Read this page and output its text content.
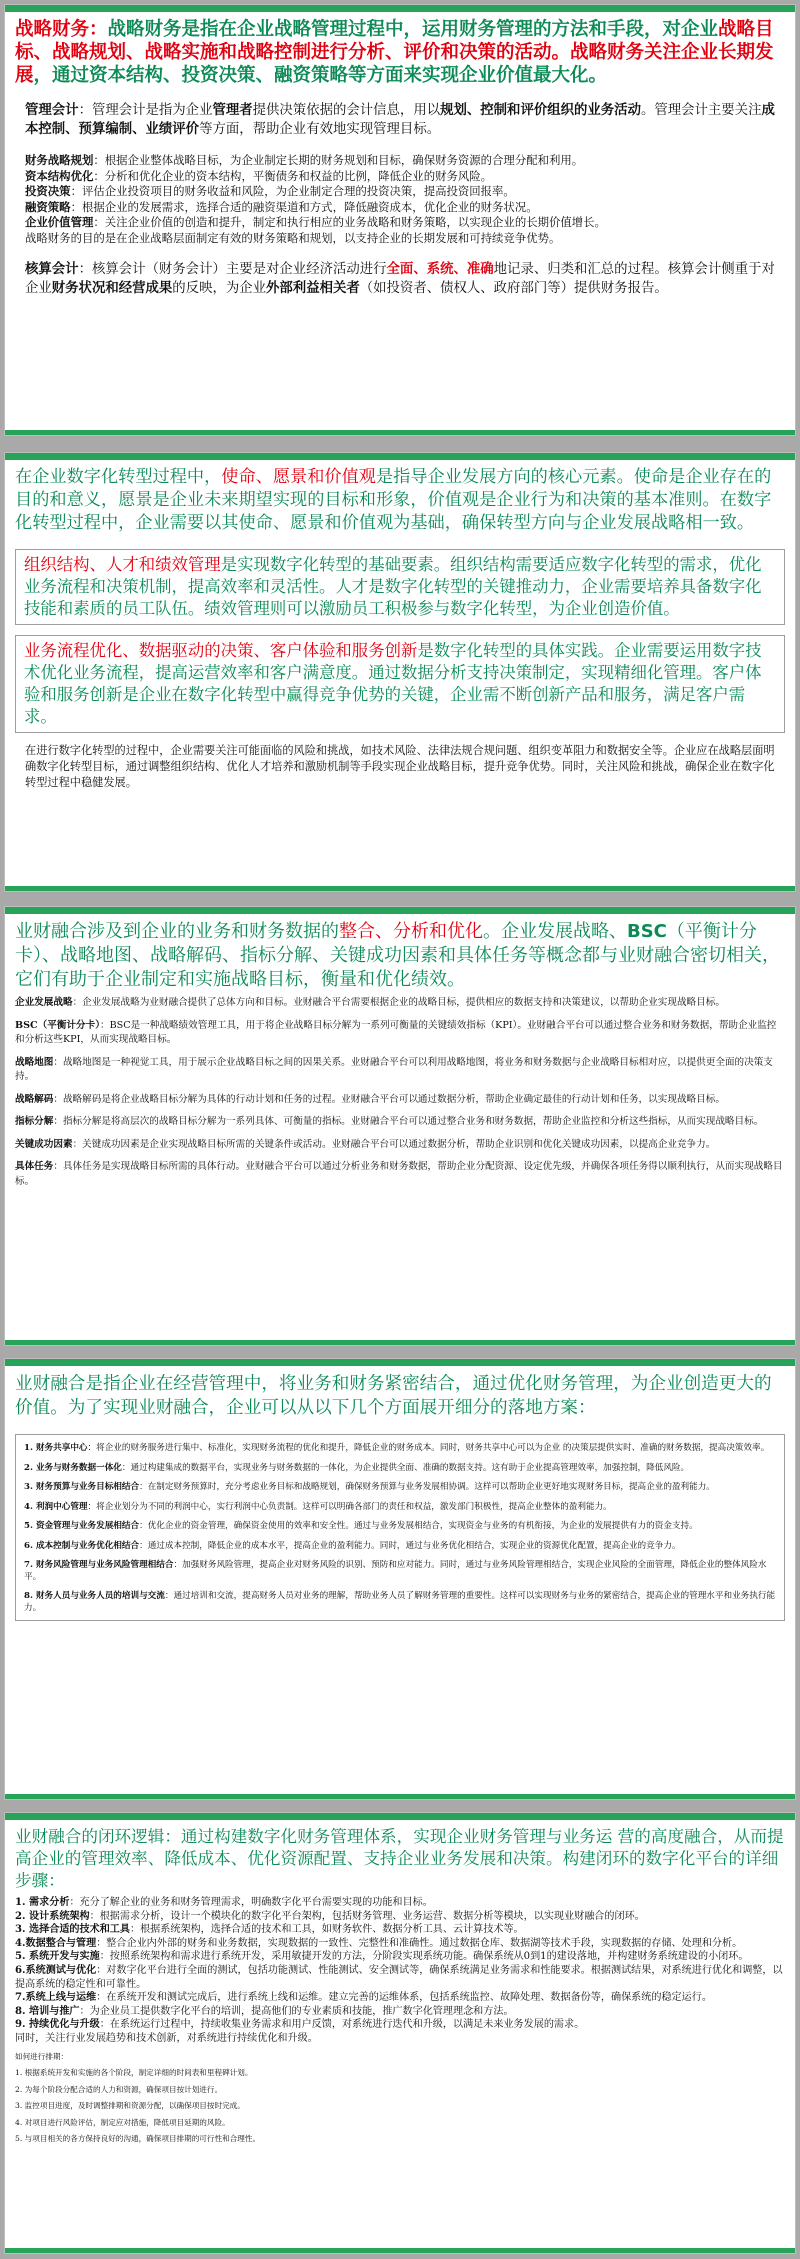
战略财务：战略财务是指在企业战略管理过程中，运用财务管理的方法和手段，对企业战略目标、战略规划、战略实施和战略控制进行分析、评价和决策的活动。战略财务关注企业长期发展，通过资本结构、投资决策、融资策略等方面来实现企业价值最大化。
管理会计：管理会计是指为企业管理者提供决策依据的会计信息，用以规划、控制和评价组织的业务活动。管理会计主要关注成本控制、预算编制、业绩评价等方面，帮助企业有效地实现管理目标。
财务战略规划：根据企业整体战略目标，为企业制定长期的财务规划和目标，确保财务资源的合理分配和利用。
资本结构优化：分析和优化企业的资本结构，平衡债务和权益的比例，降低企业的财务风险。
投资决策：评估企业投资项目的财务收益和风险，为企业制定合理的投资决策，提高投资回报率。
融资策略：根据企业的发展需求，选择合适的融资渠道和方式，降低融资成本，优化企业的财务状况。
企业价值管理：关注企业价值的创造和提升，制定和执行相应的业务战略和财务策略，以实现企业的长期价值增长。
战略财务的目的是在企业战略层面制定有效的财务策略和规划，以支持企业的长期发展和可持续竞争优势。
核算会计：核算会计（财务会计）主要是对企业经济活动进行全面、系统、准确地记录、归类和汇总的过程。核算会计侧重于对企业财务状况和经营成果的反映，为企业外部利益相关者（如投资者、债权人、政府部门等）提供财务报告。
在企业数字化转型过程中，使命、愿景和价值观是指导企业发展方向的核心元素。使命是企业存在的目的和意义，愿景是企业未来期望实现的目标和形象，价值观是企业行为和决策的基本准则。在数字化转型过程中，企业需要以其使命、愿景和价值观为基础，确保转型方向与企业发展战略相一致。
组织结构、人才和绩效管理是实现数字化转型的基础要素。组织结构需要适应数字化转型的需求，优化业务流程和决策机制，提高效率和灵活性。人才是数字化转型的关键推动力，企业需要培养具备数字化技能和素质的员工队伍。绩效管理则可以激励员工积极参与数字化转型，为企业创造价值。
业务流程优化、数据驱动的决策、客户体验和服务创新是数字化转型的具体实践。企业需要运用数字技术优化业务流程，提高运营效率和客户满意度。通过数据分析支持决策制定，实现精细化管理。客户体验和服务创新是企业在数字化转型中赢得竞争优势的关键，企业需不断创新产品和服务，满足客户需求。
在进行数字化转型的过程中，企业需要关注可能面临的风险和挑战，如技术风险、法律法规合规问题、组织变革阻力和数据安全等。企业应在战略层面明确数字化转型目标，通过调整组织结构、优化人才培养和激励机制等手段实现企业战略目标，提升竞争优势。同时，关注风险和挑战，确保企业在数字化转型过程中稳健发展。
业财融合涉及到企业的业务和财务数据的整合、分析和优化。企业发展战略、BSC（平衡计分卡）、战略地图、战略解码、指标分解、关键成功因素和具体任务等概念都与业财融合密切相关，它们有助于企业制定和实施战略目标，衡量和优化绩效。
企业发展战略：企业发展战略为业财融合提供了总体方向和目标。业财融合平台需要根据企业的战略目标，提供相应的数据支持和决策建议，以帮助企业实现战略目标。
BSC（平衡计分卡）：BSC是一种战略绩效管理工具，用于将企业战略目标分解为一系列可衡量的关键绩效指标（KPI）。业财融合平台可以通过整合业务和财务数据，帮助企业监控和分析这些KPI，从而实现战略目标。
战略地图：战略地图是一种视觉工具，用于展示企业战略目标之间的因果关系。业财融合平台可以利用战略地图，将业务和财务数据与企业战略目标相对应，以提供更全面的决策支持。
战略解码：战略解码是将企业战略目标分解为具体的行动计划和任务的过程。业财融合平台可以通过数据分析，帮助企业确定最佳的行动计划和任务，以实现战略目标。
指标分解：指标分解是将高层次的战略目标分解为一系列具体、可衡量的指标。业财融合平台可以通过整合业务和财务数据，帮助企业监控和分析这些指标，从而实现战略目标。
关键成功因素：关键成功因素是企业实现战略目标所需的关键条件或活动。业财融合平台可以通过数据分析，帮助企业识别和优化关键成功因素，以提高企业竞争力。
具体任务：具体任务是实现战略目标所需的具体行动。业财融合平台可以通过分析业务和财务数据，帮助企业分配资源、设定优先级，并确保各项任务得以顺利执行，从而实现战略目标。
业财融合是指企业在经营管理中，将业务和财务紧密结合，通过优化财务管理，为企业创造更大的价值。为了实现业财融合，企业可以从以下几个方面展开细分的落地方案：
1. 财务共享中心：将企业的财务服务进行集中、标准化，实现财务流程的优化和提升，降低企业的财务成本。同时，财务共享中心可以为企业 的决策层提供实时、准确的财务数据，提高决策效率。
2. 业务与财务数据一体化：通过构建集成的数据平台，实现业务与财务数据的一体化，为企业提供全面、准确的数据支持。这有助于企业提高管理效率，加强控制，降低风险。
3. 财务预算与业务目标相结合：在制定财务预算时，充分考虑业务目标和战略规划，确保财务预算与业务发展相协调。这样可以帮助企业更好地实现财务目标，提高企业的盈利能力。
4. 利润中心管理：将企业划分为不同的利润中心，实行利润中心负责制。这样可以明确各部门的责任和权益，激发部门积极性，提高企业整体的盈利能力。
5. 资金管理与业务发展相结合：优化企业的资金管理，确保资金使用的效率和安全性。通过与业务发展相结合，实现资金与业务的有机衔接，为企业的发展提供有力的资金支持。
6. 成本控制与业务优化相结合：通过成本控制，降低企业的成本水平，提高企业的盈利能力。同时，通过与业务优化相结合，实现企业的资源优化配置，提高企业的竞争力。
7. 财务风险管理与业务风险管理相结合：加强财务风险管理，提高企业对财务风险的识别、预防和应对能力。同时，通过与业务风险管理相结合，实现企业风险的全面管理，降低企业的整体风险水平。
8. 财务人员与业务人员的培训与交流：通过培训和交流，提高财务人员对业务的理解，帮助业务人员了解财务管理的重要性。这样可以实现财务与业务的紧密结合，提高企业的管理水平和业务执行能力。
业财融合的闭环逻辑：通过构建数字化财务管理体系，实现企业财务管理与业务运 营的高度融合，从而提高企业的管理效率、降低成本、优化资源配置、支持企业业务发展和决策。构建闭环的数字化平台的详细步骤：
1. 需求分析：充分了解企业的业务和财务管理需求，明确数字化平台需要实现的功能和目标。
2. 设计系统架构：根据需求分析，设计一个模块化的数字化平台架构，包括财务管理、业务运营、数据分析等模块，以实现业财融合的闭环。
3. 选择合适的技术和工具：根据系统架构，选择合适的技术和工具，如财务软件、数据分析工具、云计算技术等。
4.数据整合与管理：整合企业内外部的财务和业务数据，实现数据的一致性、完整性和准确性。通过数据仓库、数据湖等技术手段，实现数据的存储、处理和分析。
5. 系统开发与实施：按照系统架构和需求进行系统开发，采用敏捷开发的方法，分阶段实现系统功能。确保系统从0到1的建设落地，并构建财务系统建设的小闭环。
6.系统测试与优化：对数字化平台进行全面的测试，包括功能测试、性能测试、安全测试等，确保系统满足业务需求和性能要求。根据测试结果，对系统进行优化和调整，以提高系统的稳定性和可靠性。
7.系统上线与运维：在系统开发和测试完成后，进行系统上线和运维。建立完善的运维体系，包括系统监控、故障处理、数据备份等，确保系统的稳定运行。
8. 培训与推广：为企业员工提供数字化平台的培训，提高他们的专业素质和技能，推广数字化管理理念和方法。
9. 持续优化与升级：在系统运行过程中，持续收集业务需求和用户反馈，对系统进行迭代和升级，以满足未来业务发展的需求。
同时，关注行业发展趋势和技术创新，对系统进行持续优化和升级。
如何进行排期：
1. 根据系统开发和实施的各个阶段，制定详细的时间表和里程碑计划。
2. 为每个阶段分配合适的人力和资源，确保项目按计划进行。
3. 监控项目进度，及时调整排期和资源分配，以确保项目按时完成。
4. 对项目进行风险评估，制定应对措施，降低项目延期的风险。
5. 与项目相关的各方保持良好的沟通，确保项目排期的可行性和合理性。
